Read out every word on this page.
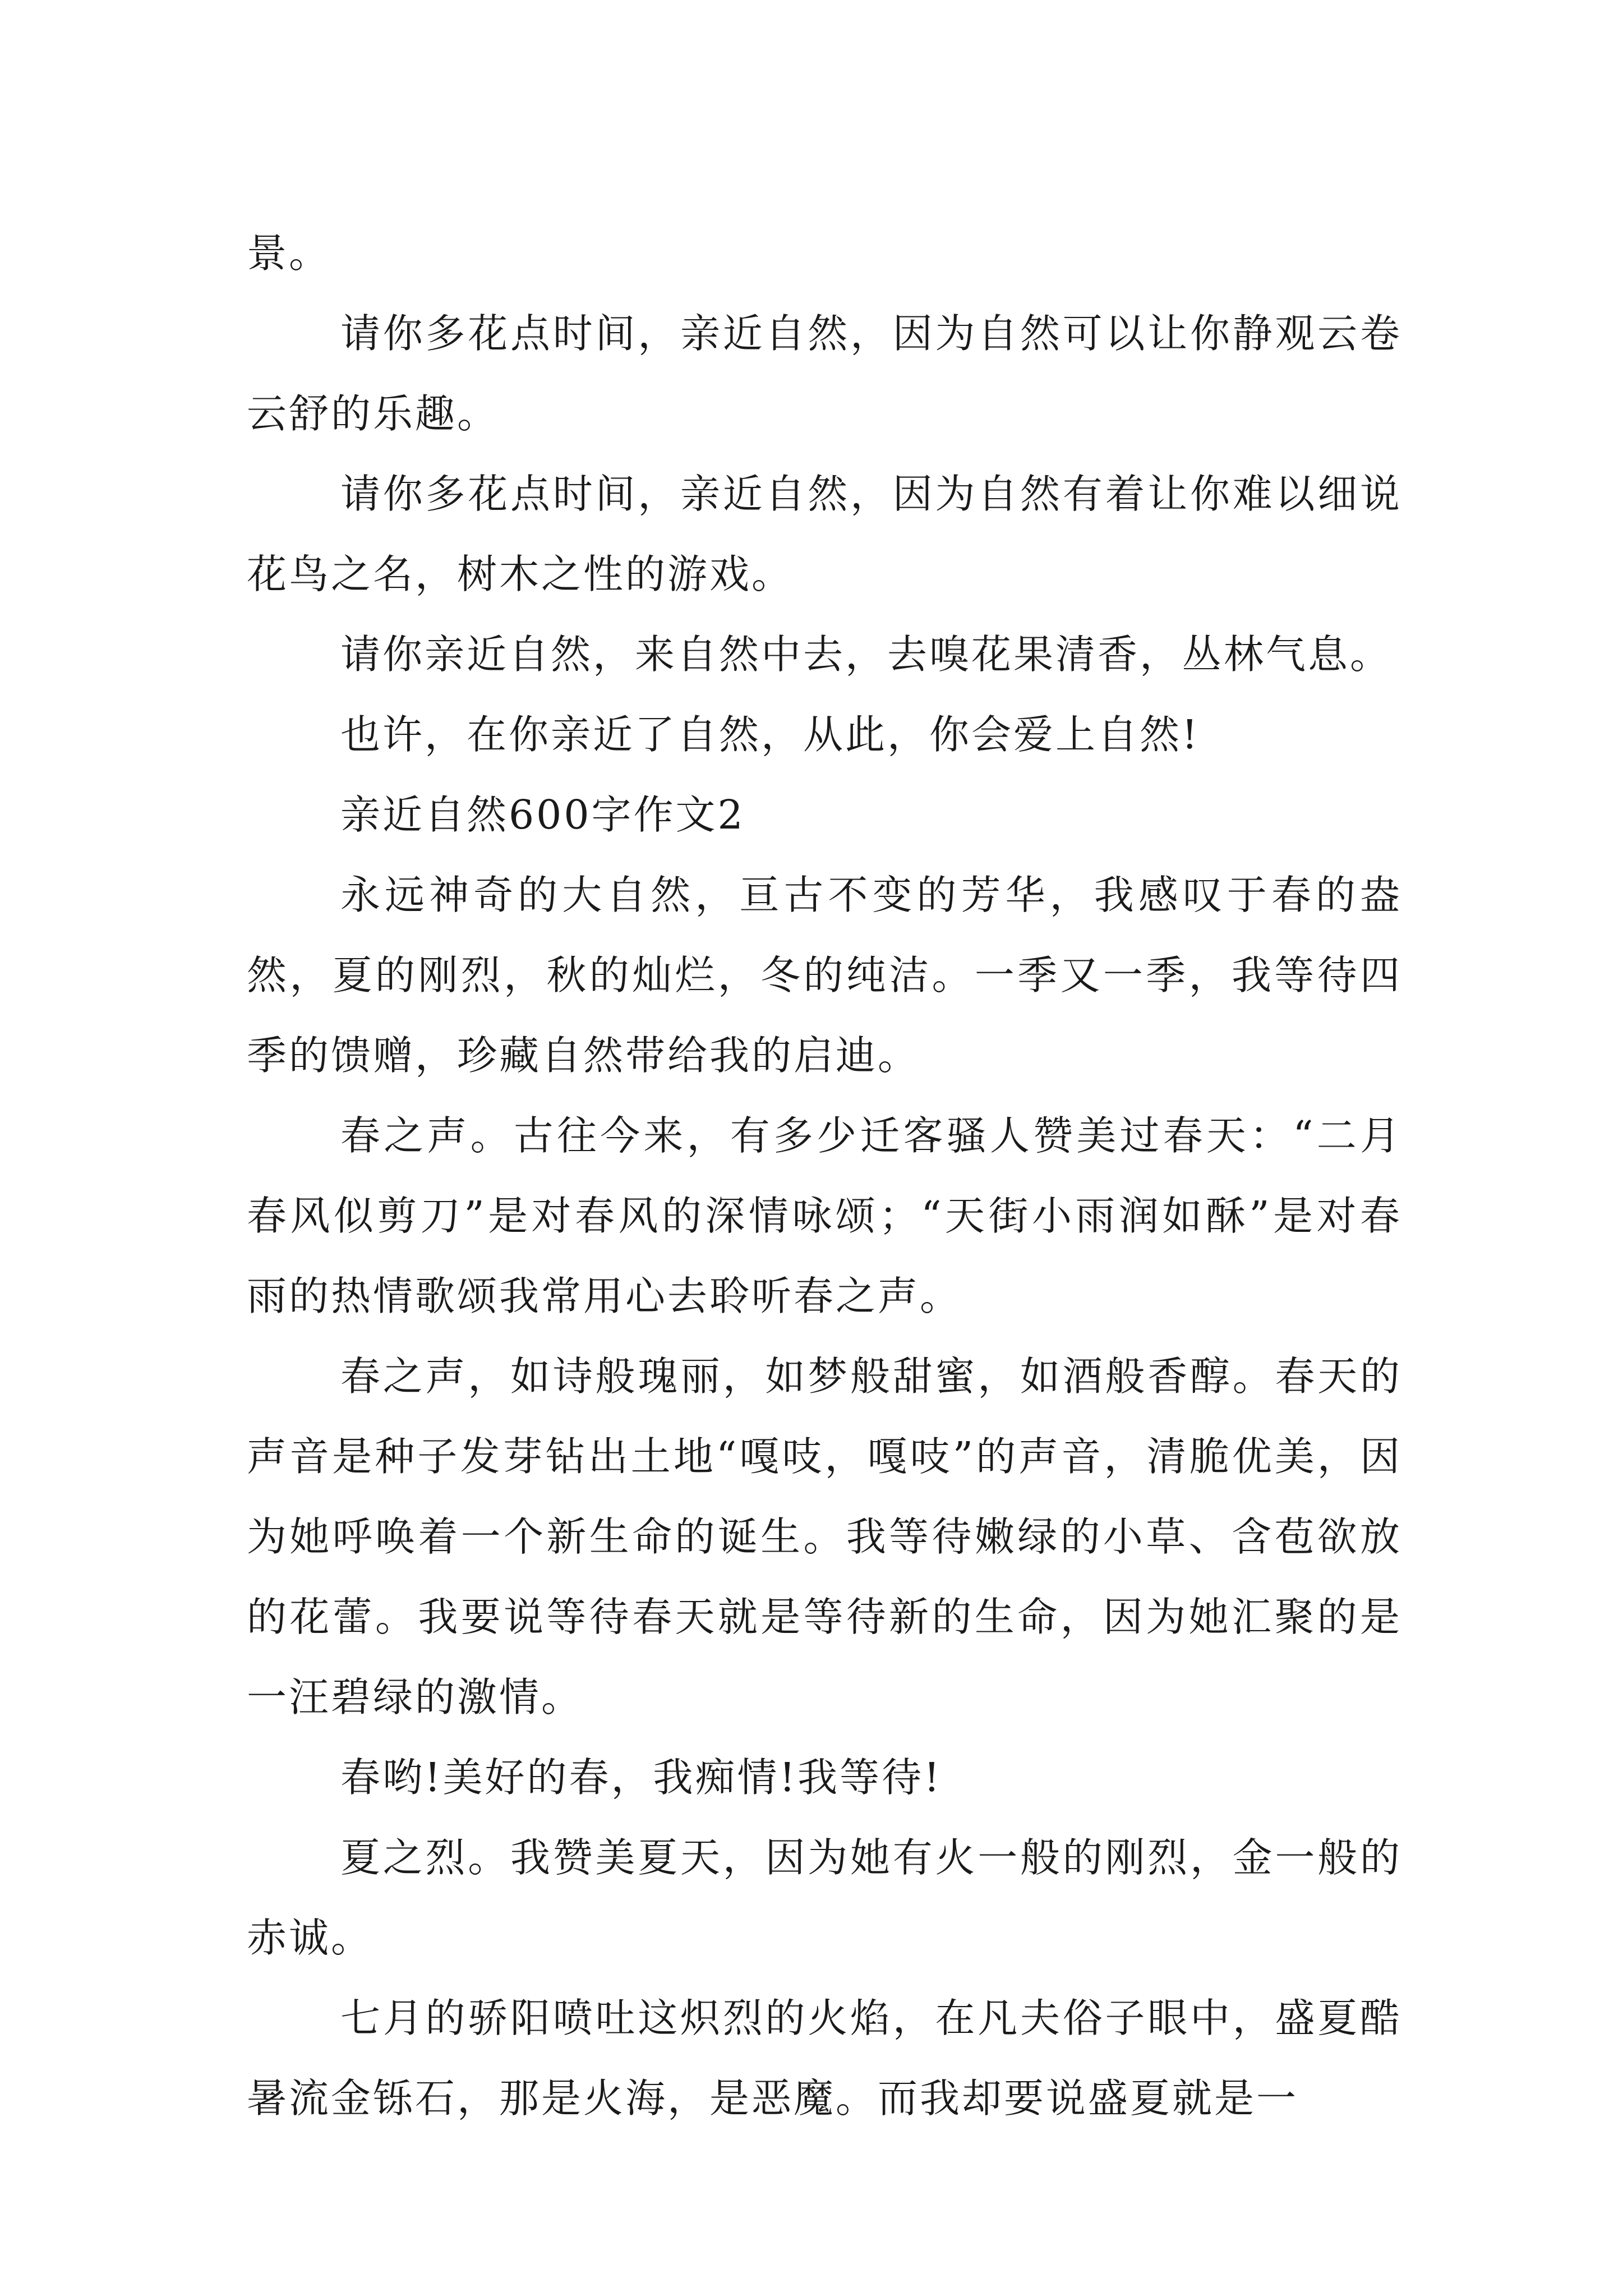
景。

请你多花点时间，亲近自然，因为自然可以让你静观云卷云舒的乐趣。

请你多花点时间，亲近自然，因为自然有着让你难以细说花鸟之名，树木之性的游戏。

请你亲近自然，来自然中去，去嗅花果清香，丛林气息。

也许，在你亲近了自然，从此，你会爱上自然!

亲近自然600字作文2

永远神奇的大自然，亘古不变的芳华，我感叹于春的盎然，夏的刚烈，秋的灿烂，冬的纯洁。一季又一季，我等待四季的馈赠，珍藏自然带给我的启迪。

春之声。古往今来，有多少迁客骚人赞美过春天：“二月春风似剪刀”是对春风的深情咏颂；“天街小雨润如酥”是对春雨的热情歌颂我常用心去聆听春之声。

春之声，如诗般瑰丽，如梦般甜蜜，如酒般香醇。春天的声音是种子发芽钻出土地“嘎吱，嘎吱”的声音，清脆优美，因为她呼唤着一个新生命的诞生。我等待嫩绿的小草、含苞欲放的花蕾。我要说等待春天就是等待新的生命，因为她汇聚的是一汪碧绿的激情。

春哟!美好的春，我痴情!我等待!

夏之烈。我赞美夏天，因为她有火一般的刚烈，金一般的赤诚。

七月的骄阳喷吐这炽烈的火焰，在凡夫俗子眼中，盛夏酷暑流金铄石，那是火海，是恶魔。而我却要说盛夏就是一
